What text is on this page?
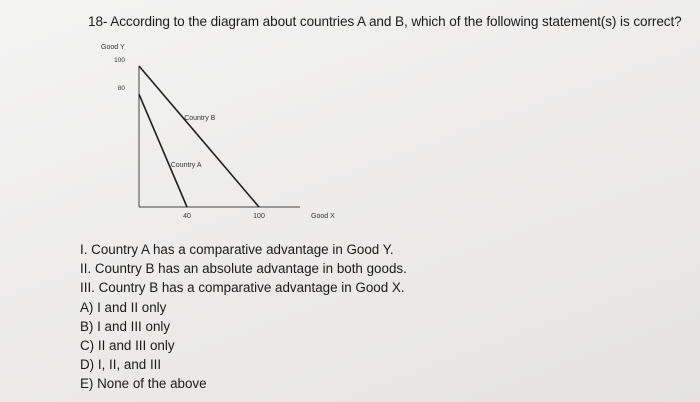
18- According to the diagram about countries A and B, which of the following statement(s) is correct?
Good Y
Good X
40	100
80
100
Country A
Country B
I. Country A has a comparative advantage in Good Y.
II. Country B has an absolute advantage in both goods.
III. Country B has a comparative advantage in Good X.
A) I and II only
B) I and III only
C) II and III only
D) I, II, and III
E) None of the above
